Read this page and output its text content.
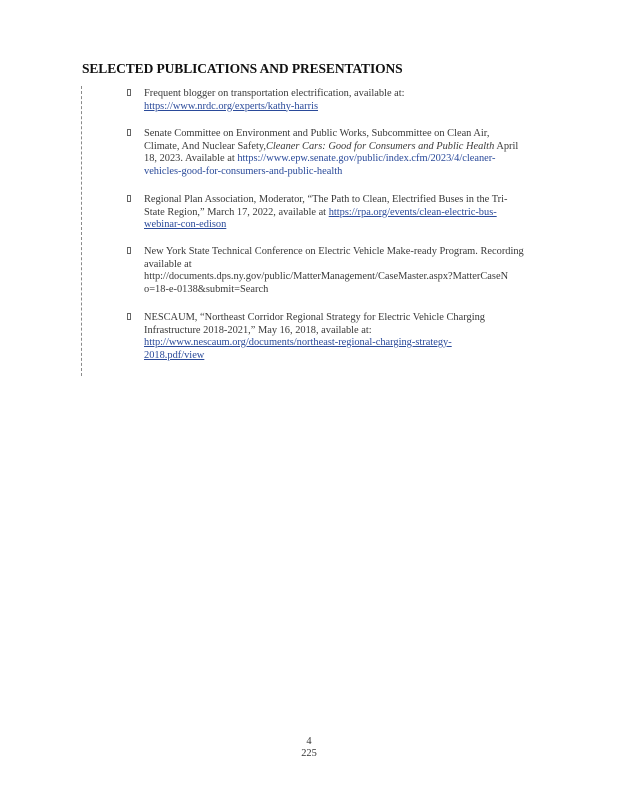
SELECTED PUBLICATIONS AND PRESENTATIONS
Frequent blogger on transportation electrification, available at:
https://www.nrdc.org/experts/kathy-harris
Senate Committee on Environment and Public Works, Subcommittee on Clean Air,
Climate, And Nuclear Safety,Cleaner Cars: Good for Consumers and Public Health April
18, 2023. Available at https://www.epw.senate.gov/public/index.cfm/2023/4/cleaner-
vehicles-good-for-consumers-and-public-health
Regional Plan Association, Moderator, “The Path to Clean, Electrified Buses in the Tri-
State Region,” March 17, 2022, available at https://rpa.org/events/clean-electric-bus-
webinar-con-edison
New York State Technical Conference on Electric Vehicle Make-ready Program. Recording
available at
http://documents.dps.ny.gov/public/MatterManagement/CaseMaster.aspx?MatterCaseN
o=18-e-0138&submit=Search
NESCAUM, “Northeast Corridor Regional Strategy for Electric Vehicle Charging
Infrastructure 2018-2021,” May 16, 2018, available at:
http://www.nescaum.org/documents/northeast-regional-charging-strategy-
2018.pdf/view
4
225
